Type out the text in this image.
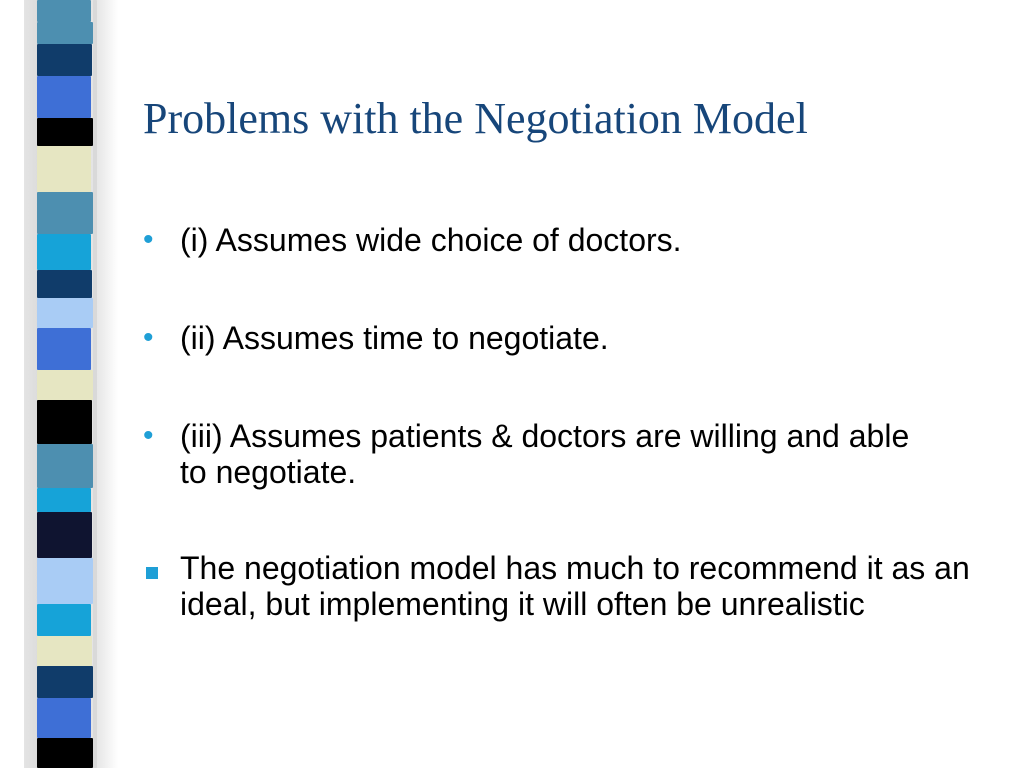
Problems with the Negotiation Model
• (i) Assumes wide choice of doctors.
• (ii) Assumes time to negotiate.
• (iii) Assumes patients & doctors are willing and able to negotiate.
The negotiation model has much to recommend it as an ideal, but implementing it will often be unrealistic
